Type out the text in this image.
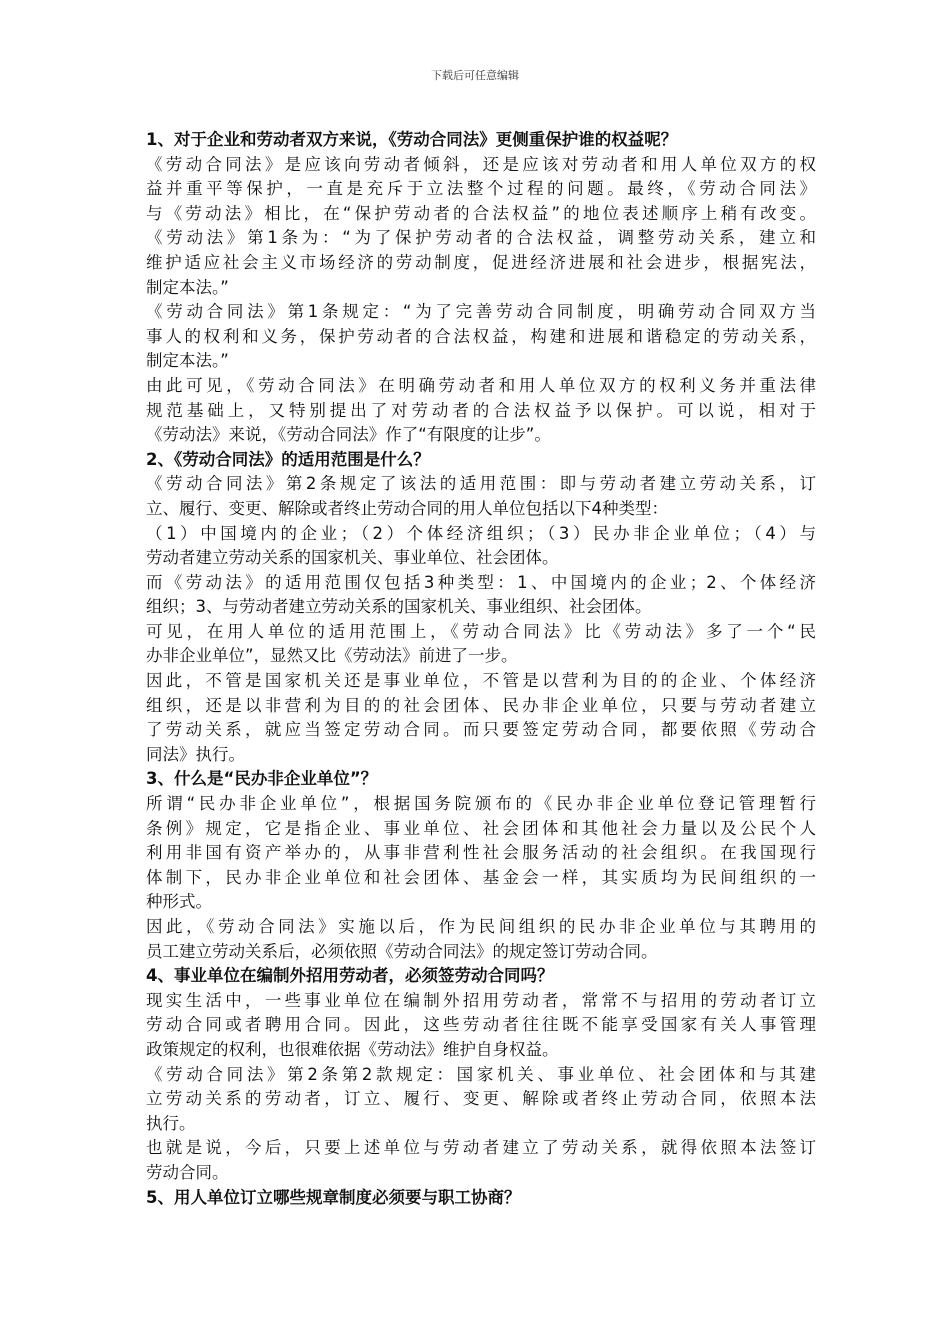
下载后可任意编辑
1、对于企业和劳动者双方来说，《劳动合同法》更侧重保护谁的权益呢？
《劳动合同法》是应该向劳动者倾斜，还是应该对劳动者和用人单位双方的权
益并重平等保护，一直是充斥于立法整个过程的问题。最终，《劳动合同法》
与《劳动法》相比，在“保护劳动者的合法权益”的地位表述顺序上稍有改变。
《劳动法》第1条为：“为了保护劳动者的合法权益，调整劳动关系，建立和
维护适应社会主义市场经济的劳动制度，促进经济进展和社会进步，根据宪法，
制定本法。”
《劳动合同法》第1条规定：“为了完善劳动合同制度，明确劳动合同双方当
事人的权利和义务，保护劳动者的合法权益，构建和进展和谐稳定的劳动关系，
制定本法。”
由此可见，《劳动合同法》在明确劳动者和用人单位双方的权利义务并重法律
规范基础上，又特别提出了对劳动者的合法权益予以保护。可以说，相对于
《劳动法》来说，《劳动合同法》作了“有限度的让步”。
2、《劳动合同法》的适用范围是什么？
《劳动合同法》第2条规定了该法的适用范围：即与劳动者建立劳动关系，订
立、履行、变更、解除或者终止劳动合同的用人单位包括以下4种类型：
（1）中国境内的企业；（2）个体经济组织；（3）民办非企业单位；（4）与
劳动者建立劳动关系的国家机关、事业单位、社会团体。
而《劳动法》的适用范围仅包括3种类型：1、中国境内的企业；2、个体经济
组织；3、与劳动者建立劳动关系的国家机关、事业组织、社会团体。
可见，在用人单位的适用范围上，《劳动合同法》比《劳动法》多了一个“民
办非企业单位”，显然又比《劳动法》前进了一步。
因此，不管是国家机关还是事业单位，不管是以营利为目的的企业、个体经济
组织，还是以非营利为目的的社会团体、民办非企业单位，只要与劳动者建立
了劳动关系，就应当签定劳动合同。而只要签定劳动合同，都要依照《劳动合
同法》执行。
3、什么是“民办非企业单位”？
所谓“民办非企业单位”，根据国务院颁布的《民办非企业单位登记管理暂行
条例》规定，它是指企业、事业单位、社会团体和其他社会力量以及公民个人
利用非国有资产举办的，从事非营利性社会服务活动的社会组织。在我国现行
体制下，民办非企业单位和社会团体、基金会一样，其实质均为民间组织的一
种形式。
因此，《劳动合同法》实施以后，作为民间组织的民办非企业单位与其聘用的
员工建立劳动关系后，必须依照《劳动合同法》的规定签订劳动合同。
4、事业单位在编制外招用劳动者，必须签劳动合同吗？
现实生活中，一些事业单位在编制外招用劳动者，常常不与招用的劳动者订立
劳动合同或者聘用合同。因此，这些劳动者往往既不能享受国家有关人事管理
政策规定的权利，也很难依据《劳动法》维护自身权益。
《劳动合同法》第2条第2款规定：国家机关、事业单位、社会团体和与其建
立劳动关系的劳动者，订立、履行、变更、解除或者终止劳动合同，依照本法
执行。
也就是说，今后，只要上述单位与劳动者建立了劳动关系，就得依照本法签订
劳动合同。
5、用人单位订立哪些规章制度必须要与职工协商？
